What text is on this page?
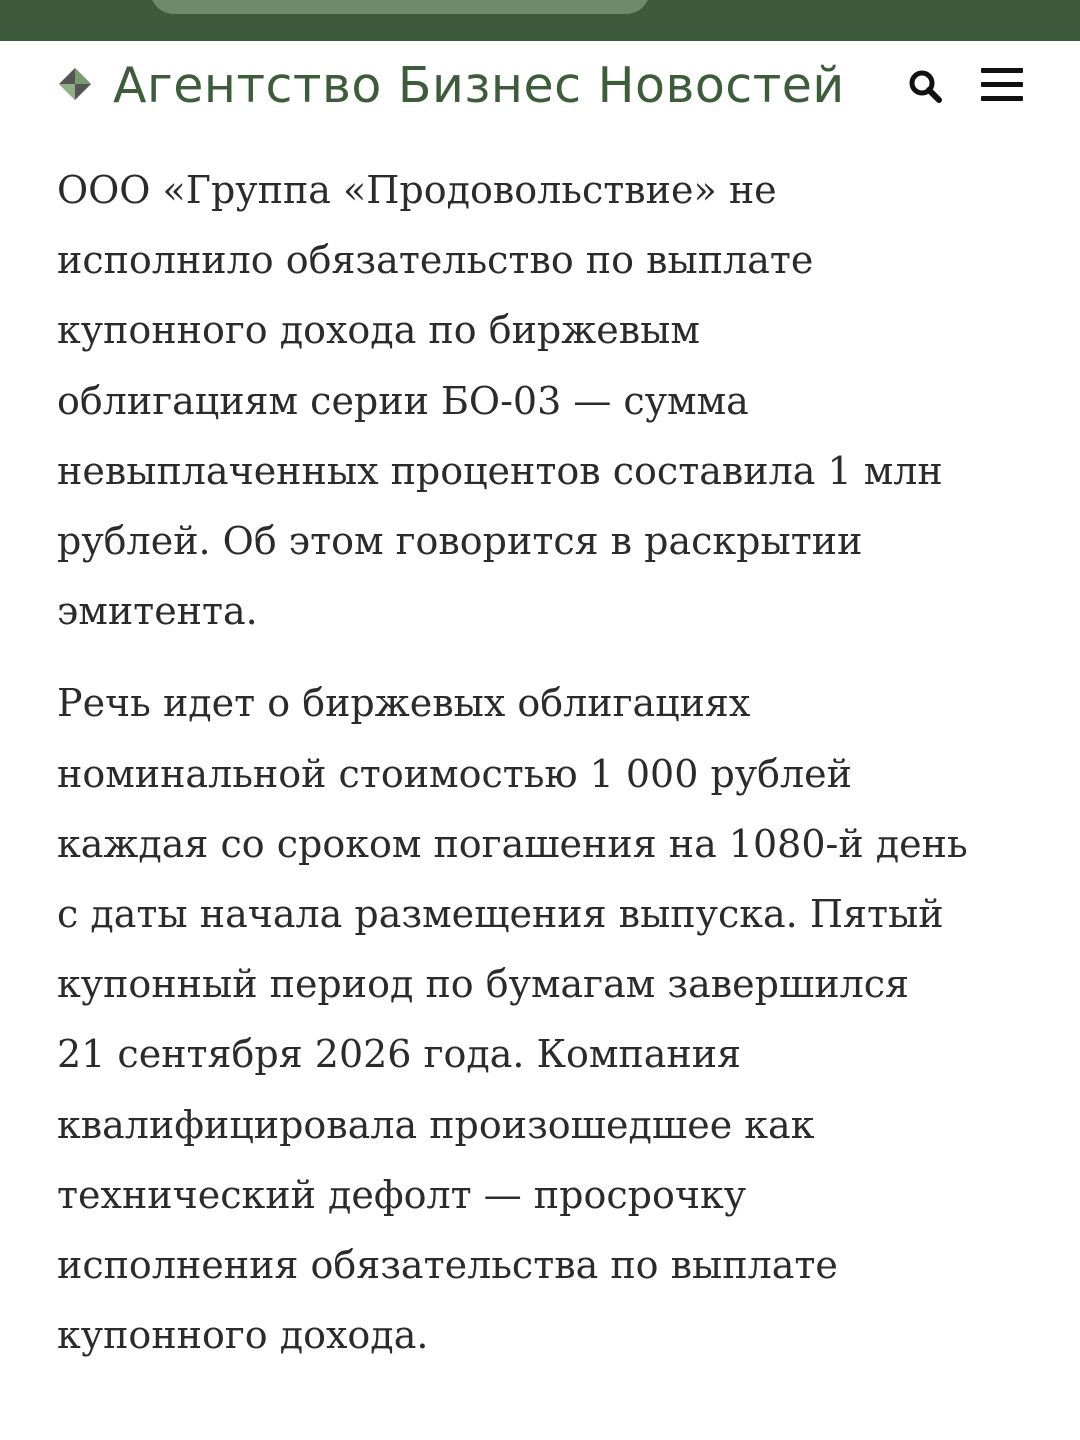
Агентство Бизнес Новостей

ООО «Группа «Продовольствие» не
исполнило обязательство по выплате
купонного дохода по биржевым
облигациям серии БО-03 — сумма
невыплаченных процентов составила 1 млн
рублей. Об этом говорится в раскрытии
эмитента.

Речь идет о биржевых облигациях
номинальной стоимостью 1 000 рублей
каждая со сроком погашения на 1080-й день
с даты начала размещения выпуска. Пятый
купонный период по бумагам завершился
21 сентября 2026 года. Компания
квалифицировала произошедшее как
технический дефолт — просрочку
исполнения обязательства по выплате
купонного дохода.
